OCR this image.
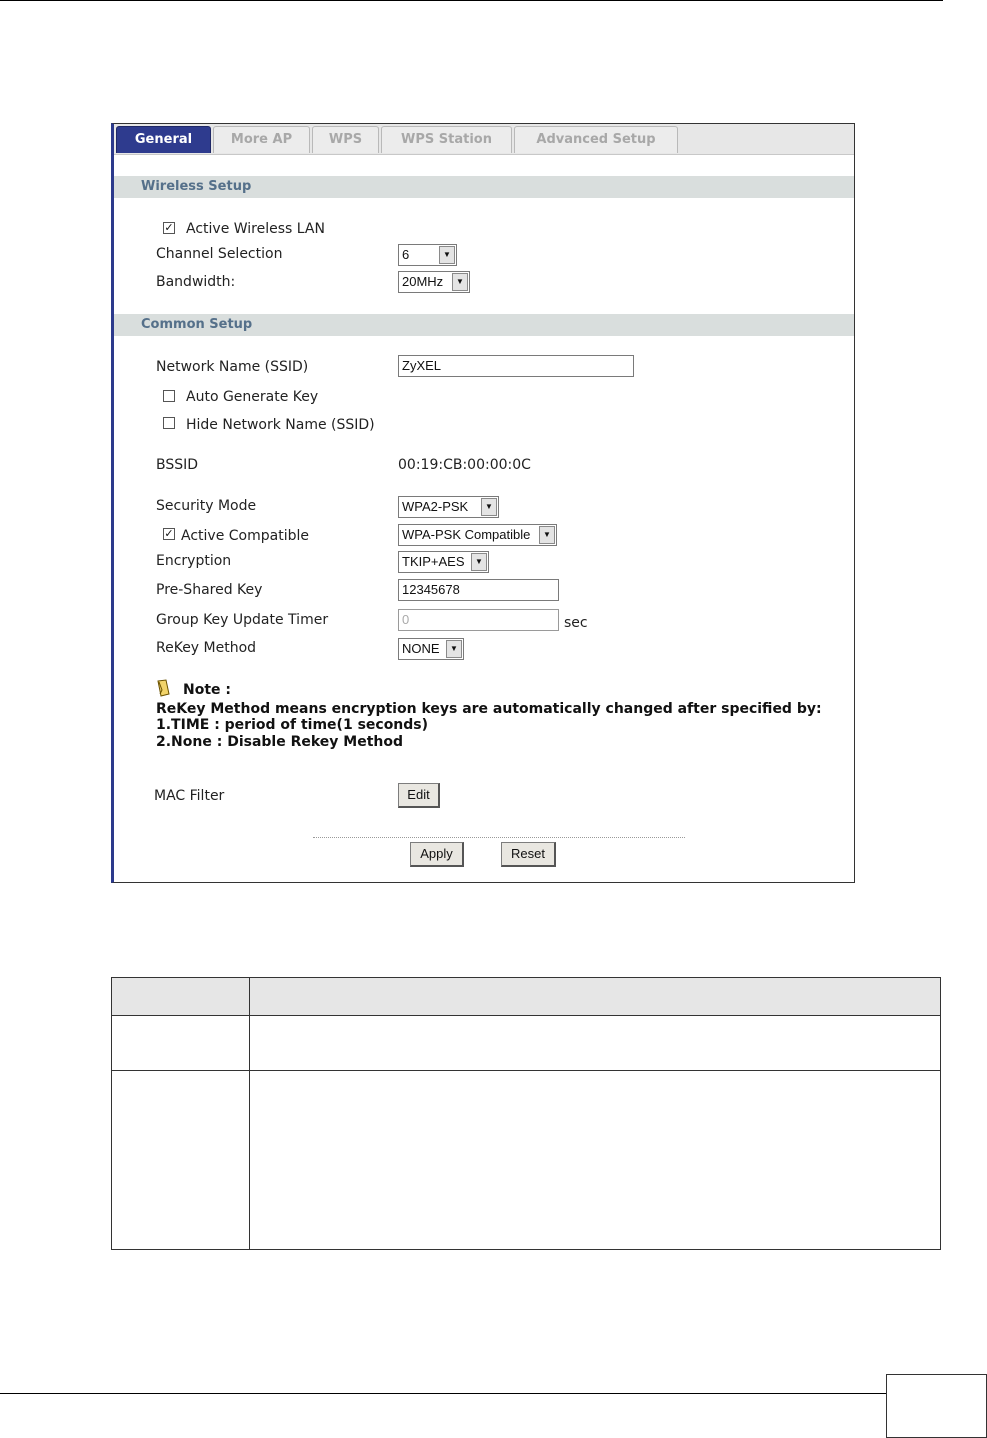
General	More AP	WPS	WPS Station	Advanced Setup
Wireless Setup
✓ Active Wireless LAN
Channel Selection	6	▼
Bandwidth:	20MHz	▼
Common Setup
Network Name (SSID)	ZyXEL
Auto Generate Key
Hide Network Name (SSID)
BSSID	00:19:CB:00:00:0C
Security Mode	WPA2-PSK	▼
✓ Active Compatible	WPA-PSK Compatible	▼
Encryption	TKIP+AES	▼
Pre-Shared Key	12345678
Group Key Update Timer	0	sec
ReKey Method	NONE	▼
Note :
ReKey Method means encryption keys are automatically changed after specified by:
1.TIME : period of time(1 seconds)
2.None : Disable Rekey Method
MAC Filter	Edit
Apply	Reset
